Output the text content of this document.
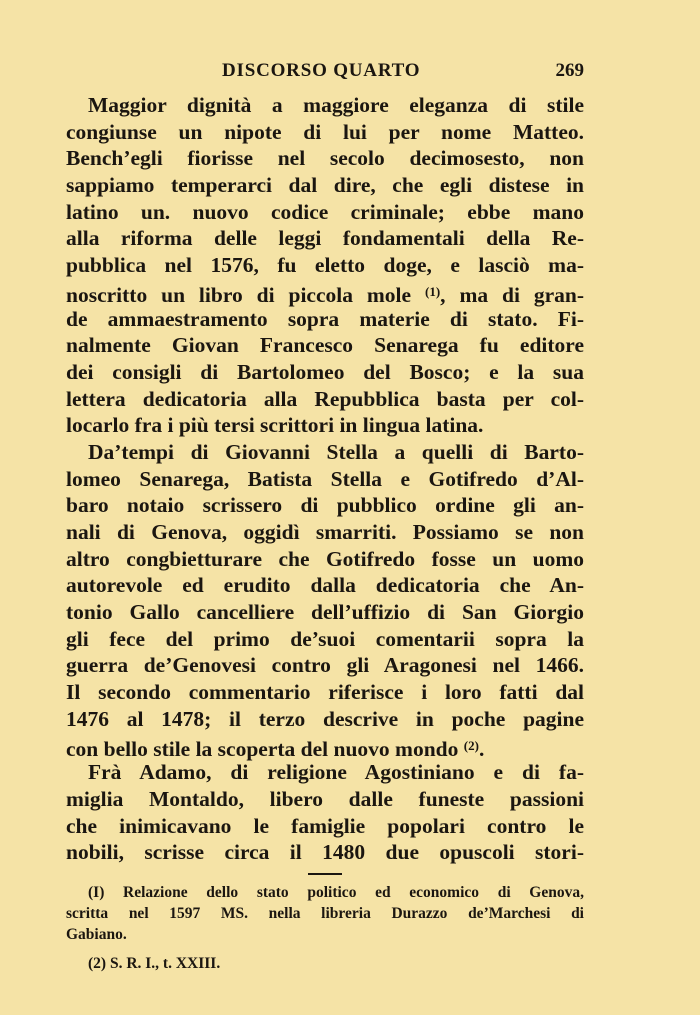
DISCORSO QUARTO	269
Maggior dignità a maggiore eleganza di stile
congiunse un nipote di lui per nome Matteo.
Bench’egli fiorisse nel secolo decimosesto, non
sappiamo temperarci dal dire, che egli distese in
latino un. nuovo codice criminale; ebbe mano
alla riforma delle leggi fondamentali della Re-
pubblica nel 1576, fu eletto doge, e lasciò ma-
noscritto un libro di piccola mole $^{(1)}$, ma di gran-
de ammaestramento sopra materie di stato. Fi-
nalmente Giovan Francesco Senarega fu editore
dei consigli di Bartolomeo del Bosco; e la sua
lettera dedicatoria alla Repubblica basta per col-
locarlo fra i più tersi scrittori in lingua latina.
Da’tempi di Giovanni Stella a quelli di Barto-
lomeo Senarega, Batista Stella e Gotifredo d’Al-
baro notaio scrissero di pubblico ordine gli an-
nali di Genova, oggidì smarriti. Possiamo se non
altro congbietturare che Gotifredo fosse un uomo
autorevole ed erudito dalla dedicatoria che An-
tonio Gallo cancelliere dell’uffizio di San Giorgio
gli fece del primo de’suoi comentarii sopra la
guerra de’Genovesi contro gli Aragonesi nel 1466.
Il secondo commentario riferisce i loro fatti dal
1476 al 1478; il terzo descrive in poche pagine
con bello stile la scoperta del nuovo mondo $^{(2)}$.
Frà Adamo, di religione Agostiniano e di fa-
miglia Montaldo, libero dalle funeste passioni
che inimicavano le famiglie popolari contro le
nobili, scrisse circa il 1480 due opuscoli stori-
(I) Relazione dello stato politico ed economico di Genova,
scritta nel 1597 MS. nella libreria Durazzo de’Marchesi di
Gabiano.
(2) S. R. I., t. XXIII.
